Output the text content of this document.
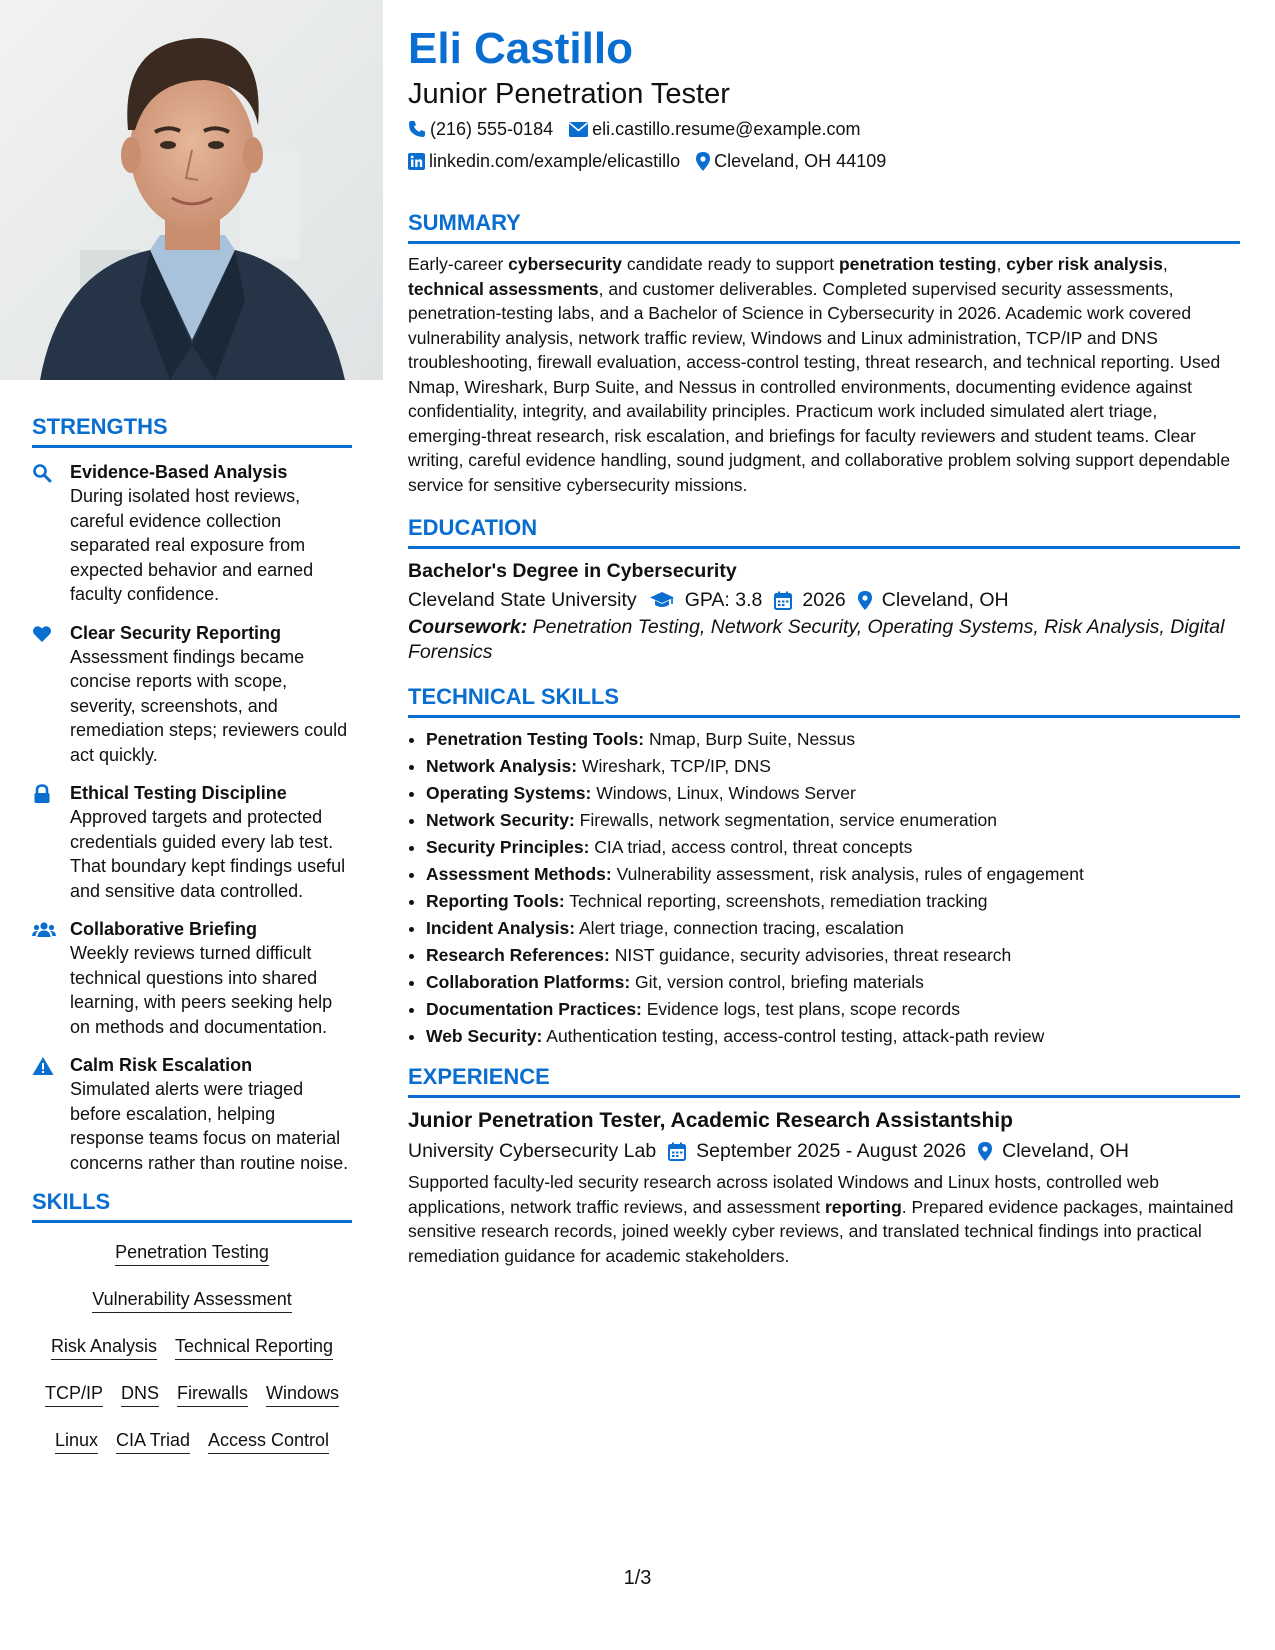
STRENGTHS
Evidence-Based Analysis
During isolated host reviews, careful evidence collection separated real exposure from expected behavior and earned faculty confidence.
Clear Security Reporting
Assessment findings became concise reports with scope, severity, screenshots, and remediation steps; reviewers could act quickly.
Ethical Testing Discipline
Approved targets and protected credentials guided every lab test. That boundary kept findings useful and sensitive data controlled.
Collaborative Briefing
Weekly reviews turned difficult technical questions into shared learning, with peers seeking help on methods and documentation.
Calm Risk Escalation
Simulated alerts were triaged before escalation, helping response teams focus on material concerns rather than routine noise.
SKILLS
Penetration Testing
Vulnerability Assessment
Risk Analysis Technical Reporting
TCP/IP DNS Firewalls Windows
Linux CIA Triad Access Control
Eli Castillo
Junior Penetration Tester
(216) 555-0184 eli.castillo.resume@example.com
linkedin.com/example/elicastillo Cleveland, OH 44109
SUMMARY

Early-career cybersecurity candidate ready to support penetration testing, cyber risk analysis, technical assessments, and customer deliverables. Completed supervised security assessments, penetration-testing labs, and a Bachelor of Science in Cybersecurity in 2026. Academic work covered vulnerability analysis, network traffic review, Windows and Linux administration, TCP/IP and DNS troubleshooting, firewall evaluation, access-control testing, threat research, and technical reporting. Used Nmap, Wireshark, Burp Suite, and Nessus in controlled environments, documenting evidence against confidentiality, integrity, and availability principles. Practicum work included simulated alert triage, emerging-threat research, risk escalation, and briefings for faculty reviewers and student teams. Clear writing, careful evidence handling, sound judgment, and collaborative problem solving support dependable service for sensitive cybersecurity missions.

EDUCATION
Bachelor's Degree in Cybersecurity
Cleveland State University GPA: 3.8 2026 Cleveland, OH
Coursework: Penetration Testing, Network Security, Operating Systems, Risk Analysis, Digital Forensics
TECHNICAL SKILLS
• Penetration Testing Tools: Nmap, Burp Suite, Nessus
• Network Analysis: Wireshark, TCP/IP, DNS
• Operating Systems: Windows, Linux, Windows Server
• Network Security: Firewalls, network segmentation, service enumeration
• Security Principles: CIA triad, access control, threat concepts
• Assessment Methods: Vulnerability assessment, risk analysis, rules of engagement
• Reporting Tools: Technical reporting, screenshots, remediation tracking
• Incident Analysis: Alert triage, connection tracing, escalation
• Research References: NIST guidance, security advisories, threat research
• Collaboration Platforms: Git, version control, briefing materials
• Documentation Practices: Evidence logs, test plans, scope records
• Web Security: Authentication testing, access-control testing, attack-path review
EXPERIENCE
Junior Penetration Tester, Academic Research Assistantship
University Cybersecurity Lab September 2025 - August 2026 Cleveland, OH

Supported faculty-led security research across isolated Windows and Linux hosts, controlled web applications, network traffic reviews, and assessment reporting. Prepared evidence packages, maintained sensitive research records, joined weekly cyber reviews, and translated technical findings into practical remediation guidance for academic stakeholders.

1/3
